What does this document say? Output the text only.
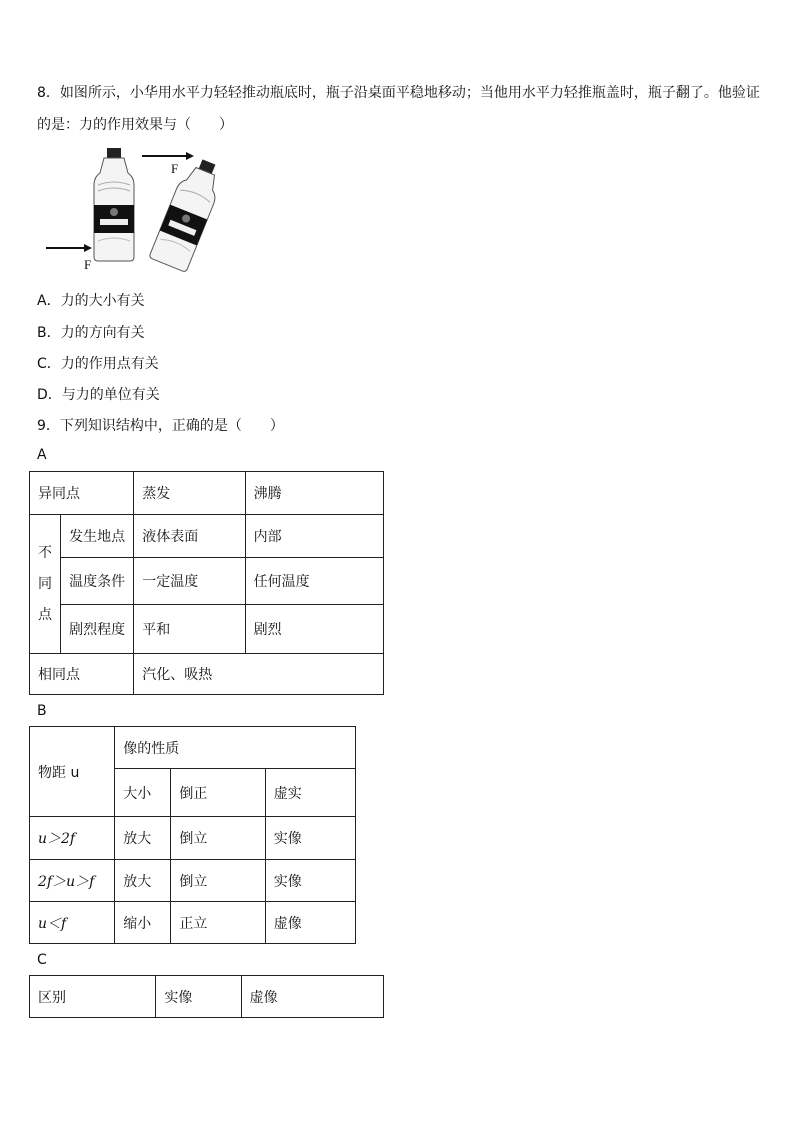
8．如图所示，小华用水平力轻轻推动瓶底时，瓶子沿桌面平稳地移动；当他用水平力轻推瓶盖时，瓶子翻了。他验证
的是：力的作用效果与（　　）
F
F
A．力的大小有关
B．力的方向有关
C．力的作用点有关
D．与力的单位有关
9．下列知识结构中，正确的是（　　）
A
异同点		蒸发	沸腾

不同点	发生地点	液体表面	内部
	温度条件	一定温度	任何温度
	剧烈程度	平和	剧烈
相同点		汽化、吸热	
B
物距 u	像的性质		
	大小	倒正	虚实
u＞2f	放大	倒立	实像
2f＞u＞f	放大	倒立	实像
u＜f	缩小	正立	虚像
C
区别	实像	虚像
